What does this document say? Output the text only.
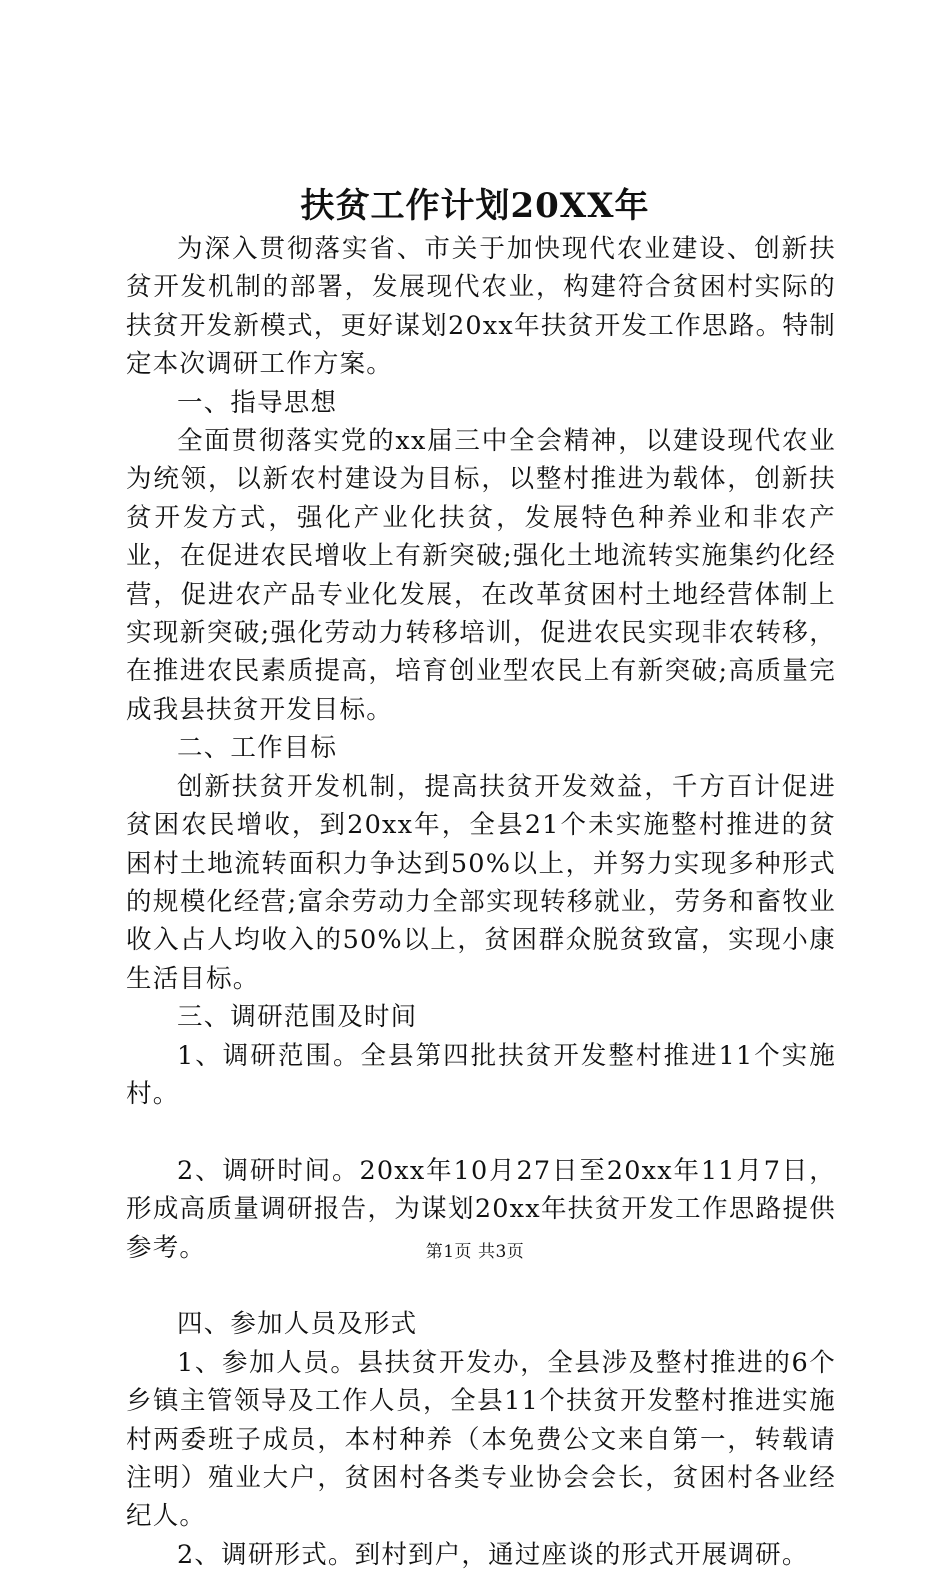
扶贫工作计划20XX年

为深入贯彻落实省、市关于加快现代农业建设、创新扶贫开发机制的部署，发展现代农业，构建符合贫困村实际的扶贫开发新模式，更好谋划20xx年扶贫开发工作思路。特制定本次调研工作方案。

一、指导思想

全面贯彻落实党的xx届三中全会精神，以建设现代农业为统领，以新农村建设为目标，以整村推进为载体，创新扶贫开发方式，强化产业化扶贫，发展特色种养业和非农产业，在促进农民增收上有新突破;强化土地流转实施集约化经营，促进农产品专业化发展，在改革贫困村土地经营体制上实现新突破;强化劳动力转移培训，促进农民实现非农转移，在推进农民素质提高，培育创业型农民上有新突破;高质量完成我县扶贫开发目标。

二、工作目标

创新扶贫开发机制，提高扶贫开发效益，千方百计促进贫困农民增收，到20xx年，全县21个未实施整村推进的贫困村土地流转面积力争达到50%以上，并努力实现多种形式的规模化经营;富余劳动力全部实现转移就业，劳务和畜牧业收入占人均收入的50%以上，贫困群众脱贫致富，实现小康生活目标。

三、调研范围及时间

1、调研范围。全县第四批扶贫开发整村推进11个实施村。

2、调研时间。20xx年10月27日至20xx年11月7日，形成高质量调研报告，为谋划20xx年扶贫开发工作思路提供参考。

四、参加人员及形式

1、参加人员。县扶贫开发办，全县涉及整村推进的6个乡镇主管领导及工作人员，全县11个扶贫开发整村推进实施村两委班子成员，本村种养（本免费公文来自第一，转载请注明）殖业大户，贫困村各类专业协会会长，贫困村各业经纪人。

2、调研形式。到村到户，通过座谈的形式开展调研。

第1页 共3页
